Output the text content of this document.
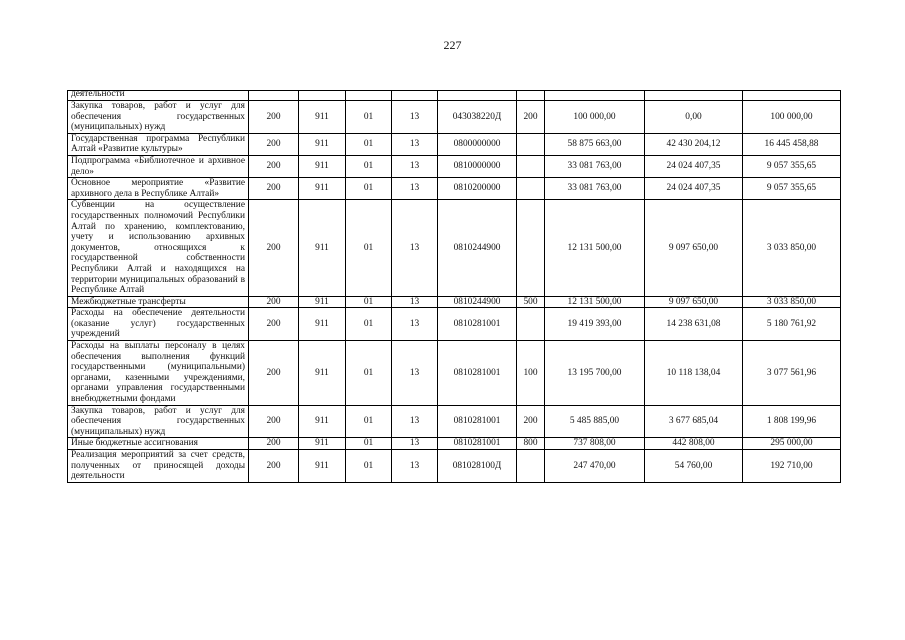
227
деятельности									

Закупка товаров, работ и услуг для обеспечения государственных (муниципальных) нужд	200	911	01	13	043038220Д	200	100 000,00	0,00	100 000,00
Государственная программа Республики Алтай «Развитие культуры»	200	911	01	13	0800000000		58 875 663,00	42 430 204,12	16 445 458,88
Подпрограмма «Библиотечное и архивное дело»	200	911	01	13	0810000000		33 081 763,00	24 024 407,35	9 057 355,65
Основное мероприятие «Развитие архивного дела в Республике Алтай»	200	911	01	13	0810200000		33 081 763,00	24 024 407,35	9 057 355,65
Субвенции на осуществление государственных полномочий Республики Алтай по хранению, комплектованию, учету и использованию архивных документов, относящихся к государственной собственности Республики Алтай и находящихся на территории муниципальных образований в Республике Алтай	200	911	01	13	0810244900		12 131 500,00	9 097 650,00	3 033 850,00
Межбюджетные трансферты	200	911	01	13	0810244900	500	12 131 500,00	9 097 650,00	3 033 850,00
Расходы на обеспечение деятельности (оказание услуг) государственных учреждений	200	911	01	13	0810281001		19 419 393,00	14 238 631,08	5 180 761,92
Расходы на выплаты персоналу в целях обеспечения выполнения функций государственными (муниципальными) органами, казенными учреждениями, органами управления государственными внебюджетными фондами	200	911	01	13	0810281001	100	13 195 700,00	10 118 138,04	3 077 561,96
Закупка товаров, работ и услуг для обеспечения государственных (муниципальных) нужд	200	911	01	13	0810281001	200	5 485 885,00	3 677 685,04	1 808 199,96
Иные бюджетные ассигнования	200	911	01	13	0810281001	800	737 808,00	442 808,00	295 000,00
Реализация мероприятий за счет средств, полученных от приносящей доходы деятельности	200	911	01	13	081028100Д		247 470,00	54 760,00	192 710,00
